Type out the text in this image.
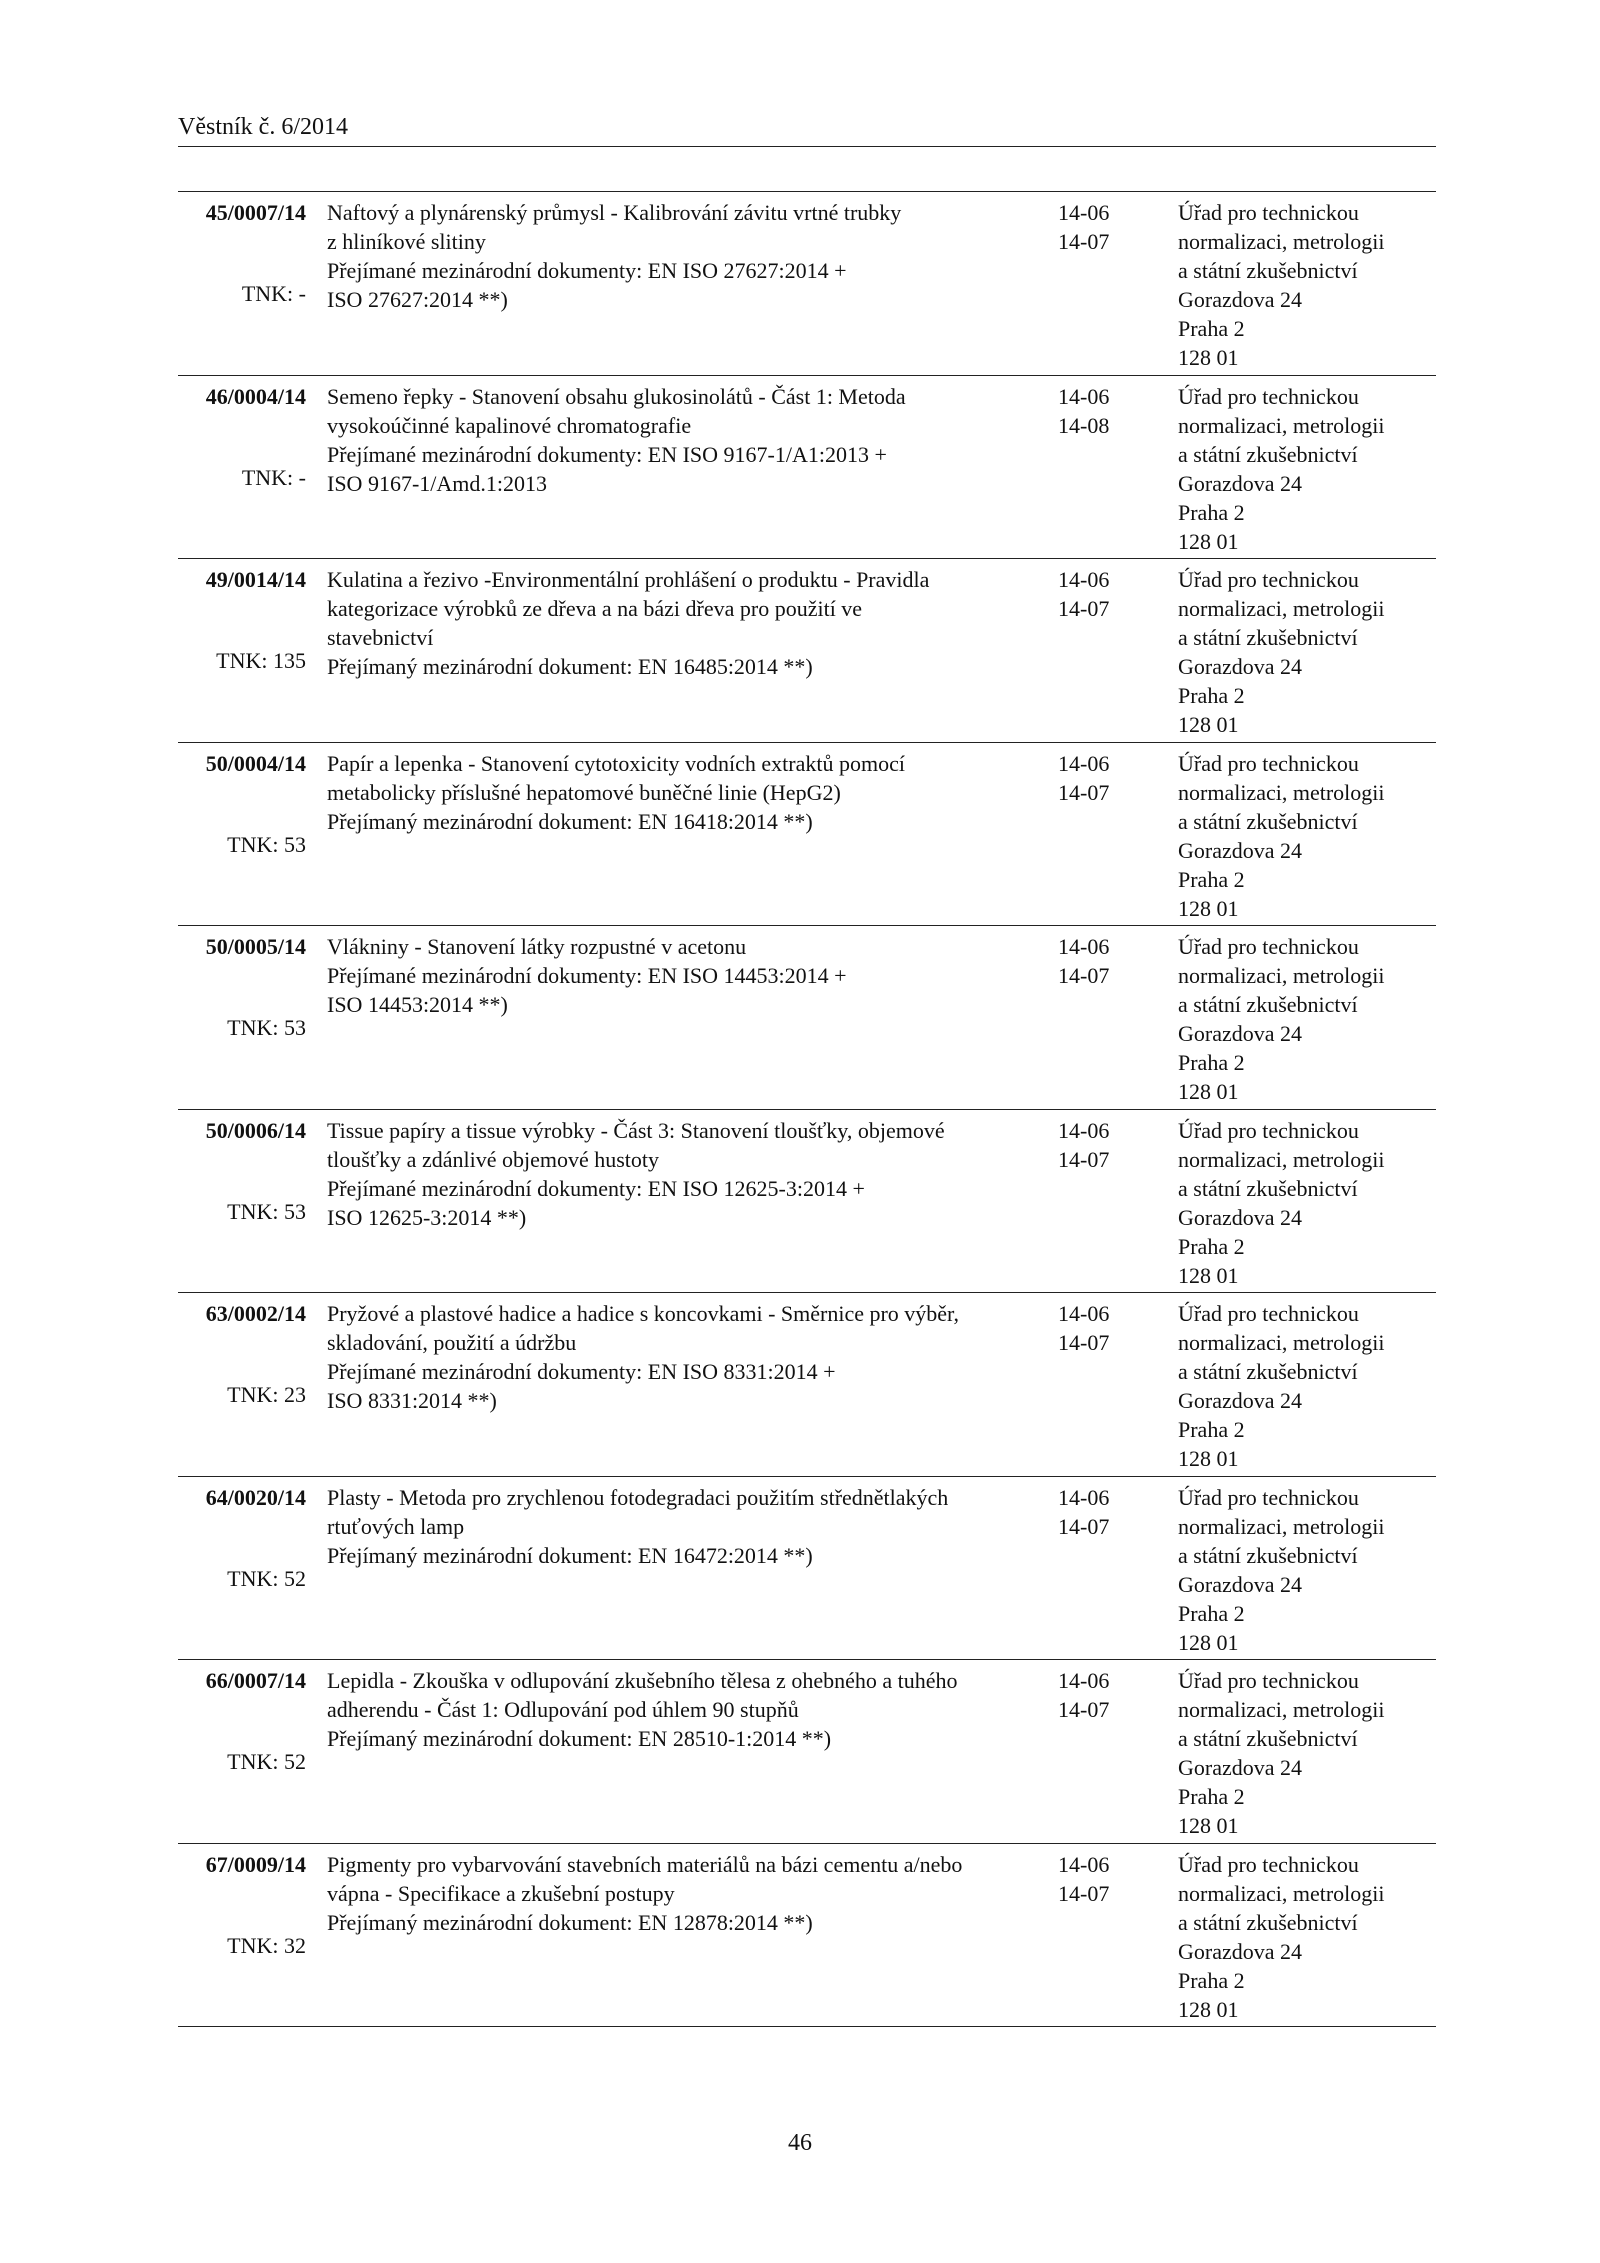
Věstník č. 6/2014
45/0007/14
TNK: -
Naftový a plynárenský průmysl - Kalibrování závitu vrtné trubky
z hliníkové slitiny
Přejímané mezinárodní dokumenty: EN ISO 27627:2014 +
ISO 27627:2014 **)
14-06
14-07
Úřad pro technickou
normalizaci, metrologii
a státní zkušebnictví
Gorazdova 24
Praha 2
128 01
46/0004/14
TNK: -
Semeno řepky - Stanovení obsahu glukosinolátů - Část 1: Metoda
vysokoúčinné kapalinové chromatografie
Přejímané mezinárodní dokumenty: EN ISO 9167-1/A1:2013 +
ISO 9167-1/Amd.1:2013
14-06
14-08
Úřad pro technickou
normalizaci, metrologii
a státní zkušebnictví
Gorazdova 24
Praha 2
128 01
49/0014/14
TNK: 135
Kulatina a řezivo -Environmentální prohlášení o produktu - Pravidla
kategorizace výrobků ze dřeva a na bázi dřeva pro použití ve
stavebnictví
Přejímaný mezinárodní dokument: EN 16485:2014 **)
14-06
14-07
Úřad pro technickou
normalizaci, metrologii
a státní zkušebnictví
Gorazdova 24
Praha 2
128 01
50/0004/14
TNK: 53
Papír a lepenka - Stanovení cytotoxicity vodních extraktů pomocí
metabolicky příslušné hepatomové buněčné linie (HepG2)
Přejímaný mezinárodní dokument: EN 16418:2014 **)
14-06
14-07
Úřad pro technickou
normalizaci, metrologii
a státní zkušebnictví
Gorazdova 24
Praha 2
128 01
50/0005/14
TNK: 53
Vlákniny - Stanovení látky rozpustné v acetonu
Přejímané mezinárodní dokumenty: EN ISO 14453:2014 +
ISO 14453:2014 **)
14-06
14-07
Úřad pro technickou
normalizaci, metrologii
a státní zkušebnictví
Gorazdova 24
Praha 2
128 01
50/0006/14
TNK: 53
Tissue papíry a tissue výrobky - Část 3: Stanovení tloušťky, objemové
tloušťky a zdánlivé objemové hustoty
Přejímané mezinárodní dokumenty: EN ISO 12625-3:2014 +
ISO 12625-3:2014 **)
14-06
14-07
Úřad pro technickou
normalizaci, metrologii
a státní zkušebnictví
Gorazdova 24
Praha 2
128 01
63/0002/14
TNK: 23
Pryžové a plastové hadice a hadice s koncovkami - Směrnice pro výběr,
skladování, použití a údržbu
Přejímané mezinárodní dokumenty: EN ISO 8331:2014 +
ISO 8331:2014 **)
14-06
14-07
Úřad pro technickou
normalizaci, metrologii
a státní zkušebnictví
Gorazdova 24
Praha 2
128 01
64/0020/14
TNK: 52
Plasty - Metoda pro zrychlenou fotodegradaci použitím střednětlakých
rtuťových lamp
Přejímaný mezinárodní dokument: EN 16472:2014 **)
14-06
14-07
Úřad pro technickou
normalizaci, metrologii
a státní zkušebnictví
Gorazdova 24
Praha 2
128 01
66/0007/14
TNK: 52
Lepidla - Zkouška v odlupování zkušebního tělesa z ohebného a tuhého
adherendu - Část 1: Odlupování pod úhlem 90 stupňů
Přejímaný mezinárodní dokument: EN 28510-1:2014 **)
14-06
14-07
Úřad pro technickou
normalizaci, metrologii
a státní zkušebnictví
Gorazdova 24
Praha 2
128 01
67/0009/14
TNK: 32
Pigmenty pro vybarvování stavebních materiálů na bázi cementu a/nebo
vápna - Specifikace a zkušební postupy
Přejímaný mezinárodní dokument: EN 12878:2014 **)
14-06
14-07
Úřad pro technickou
normalizaci, metrologii
a státní zkušebnictví
Gorazdova 24
Praha 2
128 01
46
